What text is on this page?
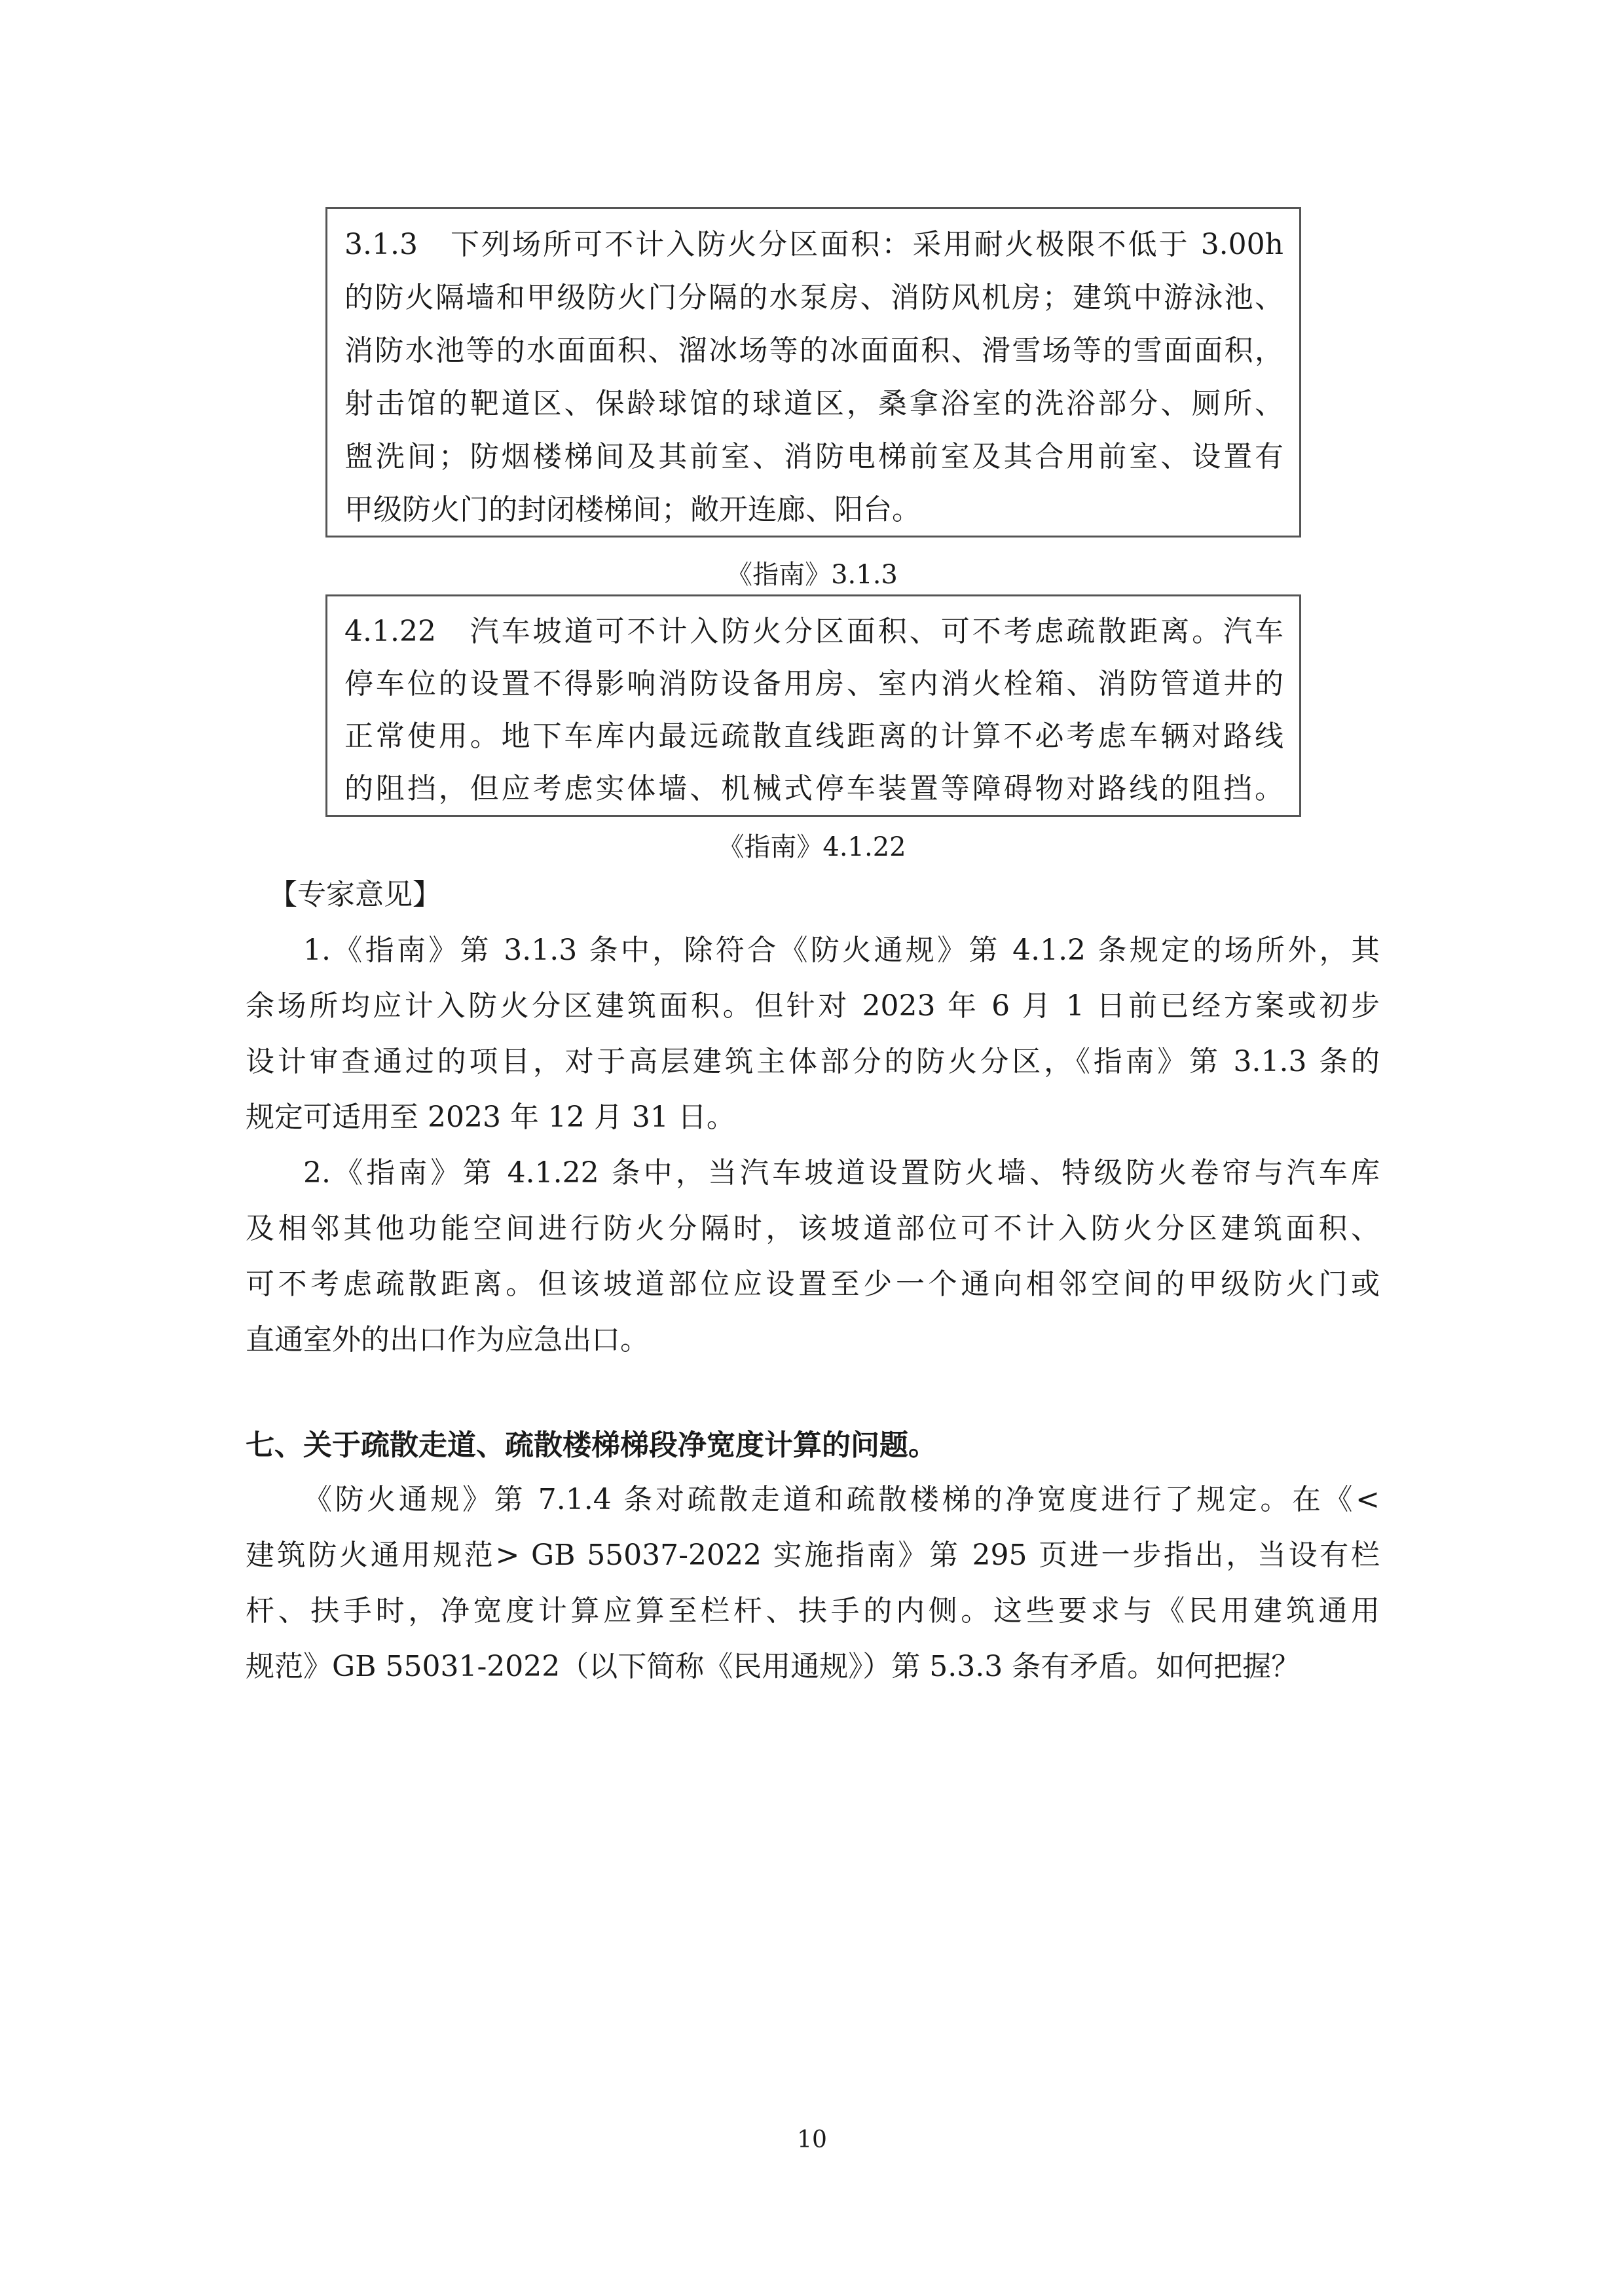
3.1.3　下列场所可不计入防火分区面积：采用耐火极限不低于 3.00h
的防火隔墙和甲级防火门分隔的水泵房、消防风机房；建筑中游泳池、
消防水池等的水面面积、溜冰场等的冰面面积、滑雪场等的雪面面积，
射击馆的靶道区、保龄球馆的球道区，桑拿浴室的洗浴部分、厕所、
盥洗间；防烟楼梯间及其前室、消防电梯前室及其合用前室、设置有
甲级防火门的封闭楼梯间；敞开连廊、阳台。
《指南》3.1.3
4.1.22　汽车坡道可不计入防火分区面积、可不考虑疏散距离。汽车
停车位的设置不得影响消防设备用房、室内消火栓箱、消防管道井的
正常使用。地下车库内最远疏散直线距离的计算不必考虑车辆对路线
的阻挡，但应考虑实体墙、机械式停车装置等障碍物对路线的阻挡。
《指南》4.1.22
【专家意见】
1.《指南》第 3.1.3 条中，除符合《防火通规》第 4.1.2 条规定的场所外，其
余场所均应计入防火分区建筑面积。但针对 2023 年 6 月 1 日前已经方案或初步
设计审查通过的项目，对于高层建筑主体部分的防火分区，《指南》第 3.1.3 条的
规定可适用至 2023 年 12 月 31 日。
2.《指南》第 4.1.22 条中，当汽车坡道设置防火墙、特级防火卷帘与汽车库
及相邻其他功能空间进行防火分隔时，该坡道部位可不计入防火分区建筑面积、
可不考虑疏散距离。但该坡道部位应设置至少一个通向相邻空间的甲级防火门或
直通室外的出口作为应急出口。
七、关于疏散走道、疏散楼梯梯段净宽度计算的问题。
《防火通规》第 7.1.4 条对疏散走道和疏散楼梯的净宽度进行了规定。在《<
建筑防火通用规范> GB 55037-2022 实施指南》第 295 页进一步指出，当设有栏
杆、扶手时，净宽度计算应算至栏杆、扶手的内侧。这些要求与《民用建筑通用
规范》GB 55031-2022（以下简称《民用通规》）第 5.3.3 条有矛盾。如何把握？
10
